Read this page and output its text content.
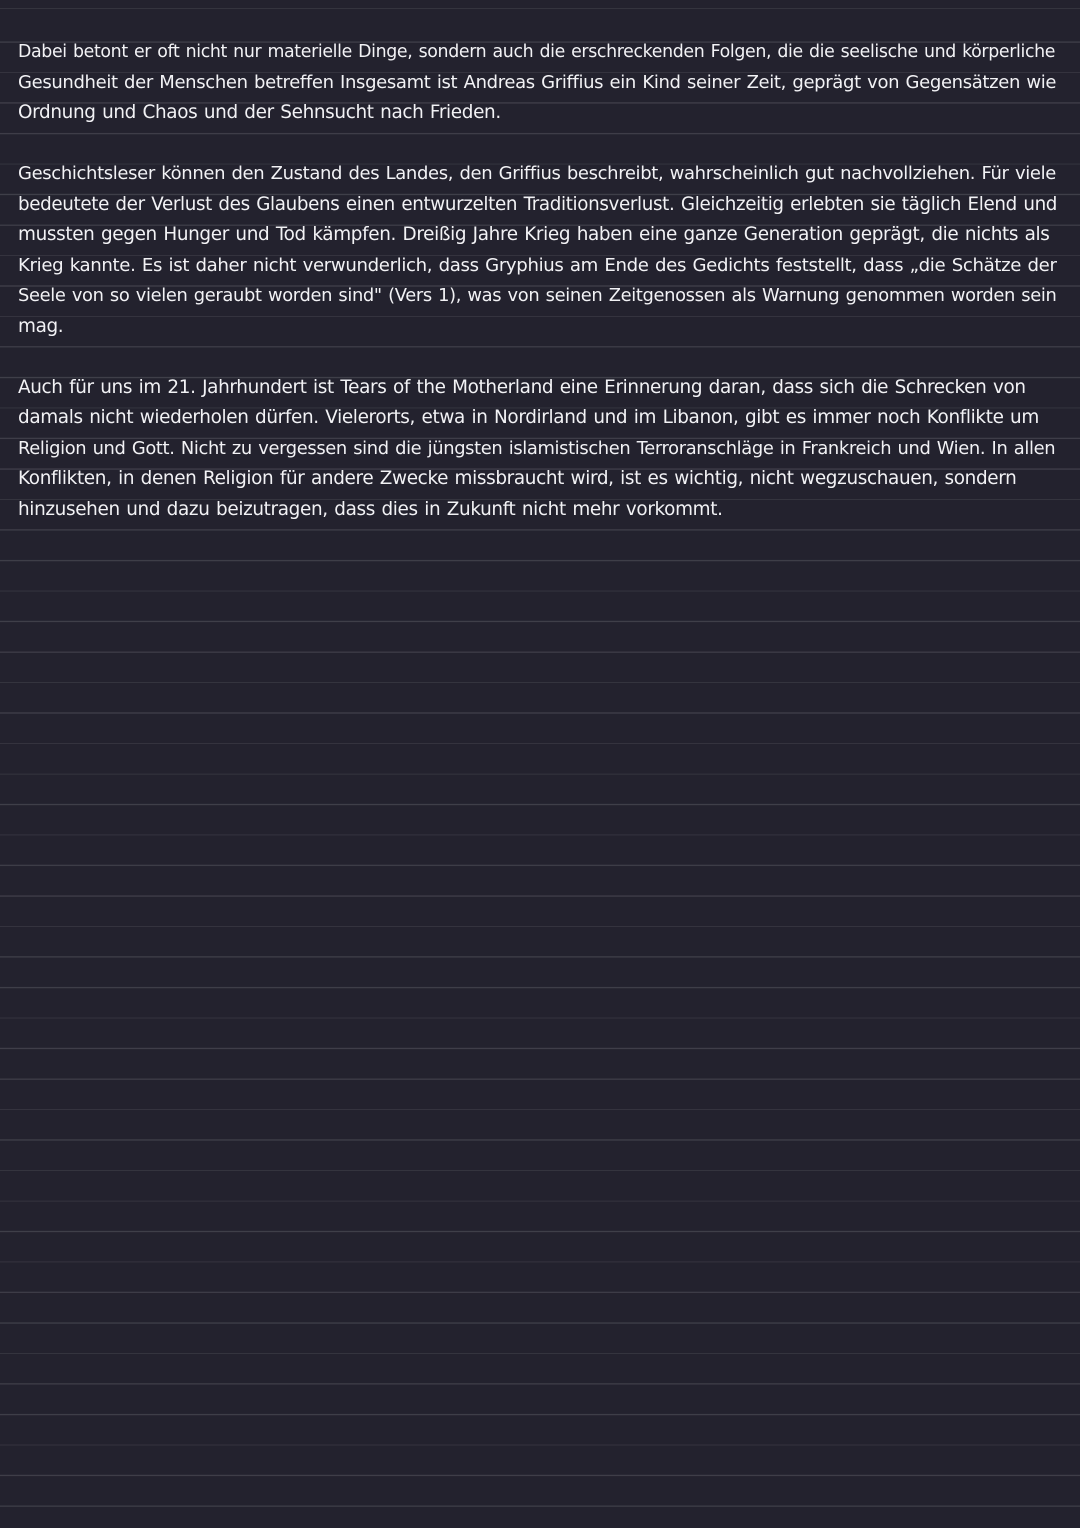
Dabei betont er oft nicht nur materielle Dinge, sondern auch die erschreckenden Folgen, die die seelische und körperliche
Gesundheit der Menschen betreffen Insgesamt ist Andreas Griffius ein Kind seiner Zeit, geprägt von Gegensätzen wie
Ordnung und Chaos und der Sehnsucht nach Frieden.

Geschichtsleser können den Zustand des Landes, den Griffius beschreibt, wahrscheinlich gut nachvollziehen. Für viele
bedeutete der Verlust des Glaubens einen entwurzelten Traditionsverlust. Gleichzeitig erlebten sie täglich Elend und
mussten gegen Hunger und Tod kämpfen. Dreißig Jahre Krieg haben eine ganze Generation geprägt, die nichts als
Krieg kannte. Es ist daher nicht verwunderlich, dass Gryphius am Ende des Gedichts feststellt, dass „die Schätze der
Seele von so vielen geraubt worden sind" (Vers 1), was von seinen Zeitgenossen als Warnung genommen worden sein
mag.

Auch für uns im 21. Jahrhundert ist Tears of the Motherland eine Erinnerung daran, dass sich die Schrecken von
damals nicht wiederholen dürfen. Vielerorts, etwa in Nordirland und im Libanon, gibt es immer noch Konflikte um
Religion und Gott. Nicht zu vergessen sind die jüngsten islamistischen Terroranschläge in Frankreich und Wien. In allen
Konflikten, in denen Religion für andere Zwecke missbraucht wird, ist es wichtig, nicht wegzuschauen, sondern
hinzusehen und dazu beizutragen, dass dies in Zukunft nicht mehr vorkommt.
